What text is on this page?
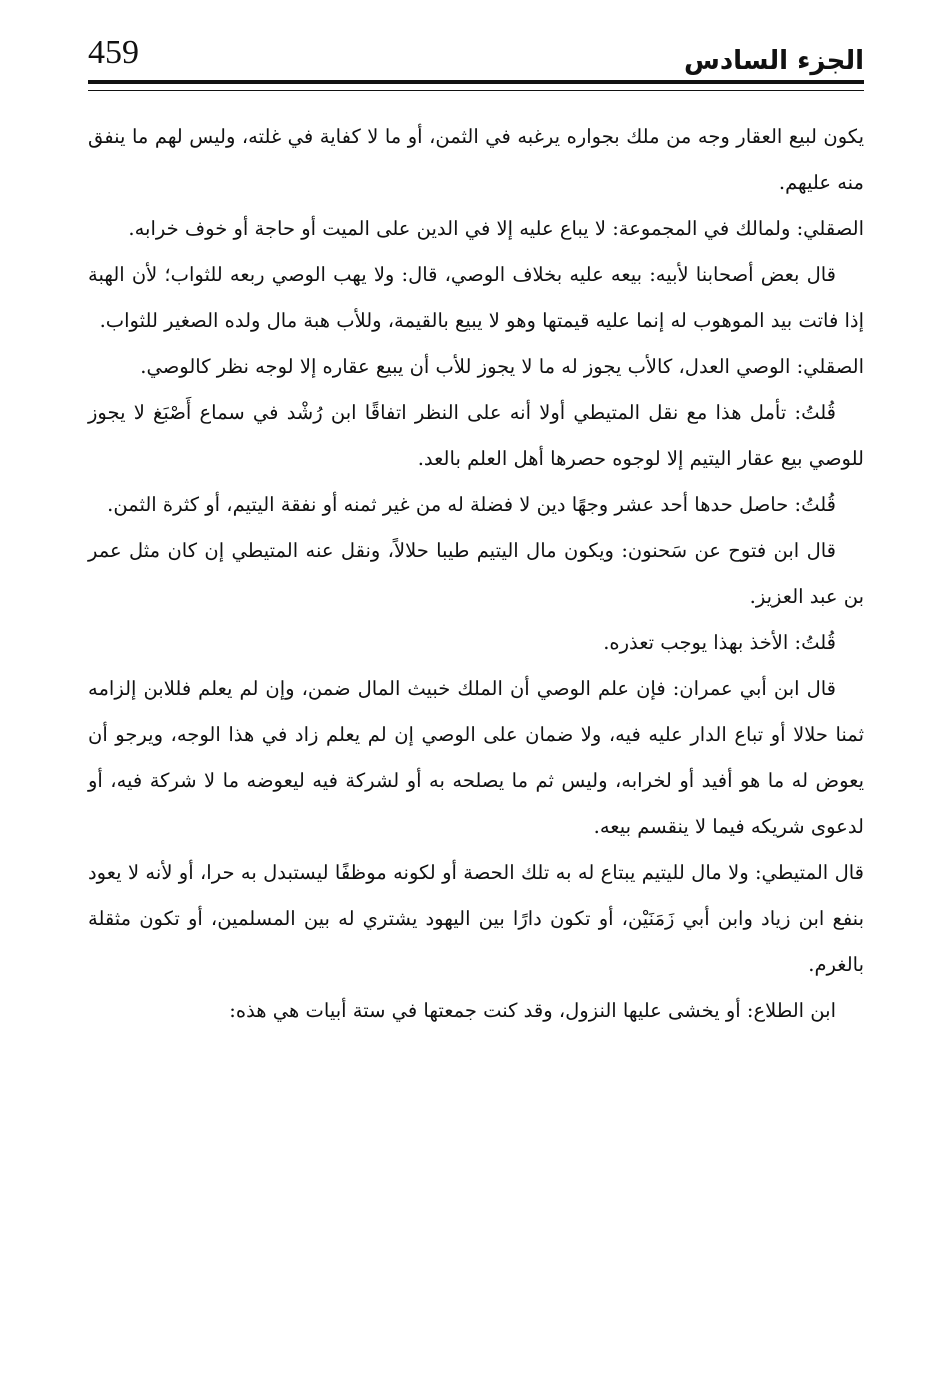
الجزء السادس
459

يكون لبيع العقار وجه من ملك بجواره يرغبه في الثمن، أو ما لا كفاية في غلته، وليس لهم ما ينفق منه عليهم.

الصقلي: ولمالك في المجموعة: لا يباع عليه إلا في الدين على الميت أو حاجة أو خوف خرابه.

قال بعض أصحابنا لأبيه: بيعه عليه بخلاف الوصي، قال: ولا يهب الوصي ربعه للثواب؛ لأن الهبة إذا فاتت بيد الموهوب له إنما عليه قيمتها وهو لا يبيع بالقيمة، وللأب هبة مال ولده الصغير للثواب.

الصقلي: الوصي العدل، كالأب يجوز له ما لا يجوز للأب أن يبيع عقاره إلا لوجه نظر كالوصي.

قُلتُ: تأمل هذا مع نقل المتيطي أولا أنه على النظر اتفاقًا ابن رُشْد في سماع أَصْبَغ لا يجوز للوصي بيع عقار اليتيم إلا لوجوه حصرها أهل العلم بالعد.

قُلتُ: حاصل حدها أحد عشر وجهًا دين لا فضلة له من غير ثمنه أو نفقة اليتيم، أو كثرة الثمن.

قال ابن فتوح عن سَحنون: ويكون مال اليتيم طيبا حلالاً، ونقل عنه المتيطي إن كان مثل عمر بن عبد العزيز.

قُلتُ: الأخذ بهذا يوجب تعذره.

قال ابن أبي عمران: فإن علم الوصي أن الملك خبيث المال ضمن، وإن لم يعلم فللابن إلزامه ثمنا حلالا أو تباع الدار عليه فيه، ولا ضمان على الوصي إن لم يعلم زاد في هذا الوجه، ويرجو أن يعوض له ما هو أفيد أو لخرابه، وليس ثم ما يصلحه به أو لشركة فيه ليعوضه ما لا شركة فيه، أو لدعوى شريكه فيما لا ينقسم بيعه.

قال المتيطي: ولا مال لليتيم يبتاع له به تلك الحصة أو لكونه موظفًا ليستبدل به حرا، أو لأنه لا يعود بنفع ابن زياد وابن أبي زَمَنَيْن، أو تكون دارًا بين اليهود يشتري له بين المسلمين، أو تكون مثقلة بالغرم.

ابن الطلاع: أو يخشى عليها النزول، وقد كنت جمعتها في ستة أبيات هي هذه:
